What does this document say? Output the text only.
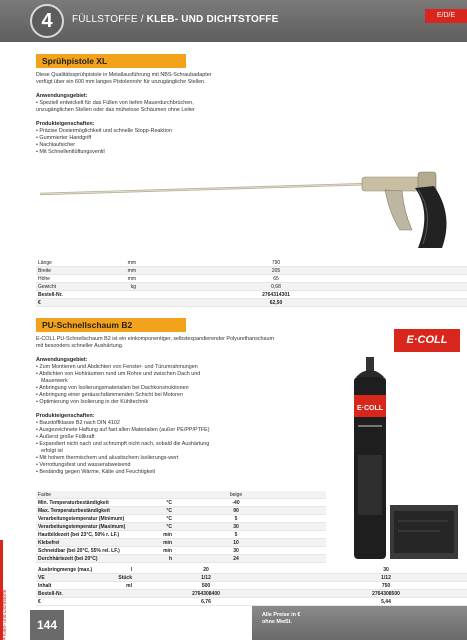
4	FÜLLSTOFFE / KLEB- UND DICHTSTOFFE	E/D/E
Sprühpistole XL
Diese Qualitätssprühpistole in Metallausführung mit NBS-Schraubadapter verfügt über ein 600 mm langes Pistolenrohr für unzugängliche Stellen.
Anwendungsgebiet:
• Speziell entwickelt für das Füllen von tiefen Mauerdurchbrüchen, unzugänglichen Stellen oder das mühelose Schäumen ohne Leiter
Produkteigenschaften:
• Präzise Dosiermöglichkeit und schnelle Stopp-Reaktion
• Gummierter Handgriff
• Nachlaufsicher
• Mit Schnellentlüftungsventil
Länge	mm	790
Breite	mm	205
Höhe	mm	65
Gewicht	kg	0,68
Bestell-Nr.	2764314301
€	62,50
PU-Schnellschaum B2
E·COLL
E-COLL PU-Schnellschaum B2 ist ein einkomponentiger, selbstexpandierender Polyurethanschaum mit besonders schneller Aushärtung.
Anwendungsgebiet:
• Zum Montieren und Abdichten von Fenster- und Türumrahmungen
• Abdichten von Hohlräumen rund um Rohre und zwischen Dach und
Mauerwerk
• Anbringung von Isolierungsmaterialien bei Dachkonstruktionen
• Anbringung einer geräuschdämmenden Schicht bei Motoren
• Optimierung von Isolierung in der Kühltechnik
Produkteigenschaften:
• Baustoffklasse B2 nach DIN 4102
• Ausgezeichnete Haftung auf fast allen Materialien (außer PE/PP/PTFE)
• Äußerst große Füllkraft
• Expandiert nicht nach und schrumpft nicht nach, sobald die Aushärtung
erfolgt ist
• Mit hohem thermischem und akustischem Isolierungs-wert
• Verrottungsfest und wasserabweisend
• Beständig gegen Wärme, Kälte und Feuchtigkeit
E·COLL
Farbe	beige
Min. Temperaturbeständigkeit	°C	-40
Max. Temperaturbeständigkeit	°C	90
Verarbeitungstemperatur (Minimum)	°C	5
Verarbeitungstemperatur (Maximum)	°C	30
Hautbildezeit (bei 23°C, 50% r. LF.)	min	5
Klebefrei	min	10
Schneidbar (bei 20°C, 55% rel. LF.)	min	30
Durchhärtezeit (bei 20°C)	h	24
Ausbringmenge (max.)	l	20	30
VE	Stück	1/12	1/12
Inhalt	ml	500	750
Bestell-Nr.	2764308400	2764308500
€	6,76	5,44
4 Kleb- und Dichtstoffe	144
Alle Preise in €
ohne MwSt.
